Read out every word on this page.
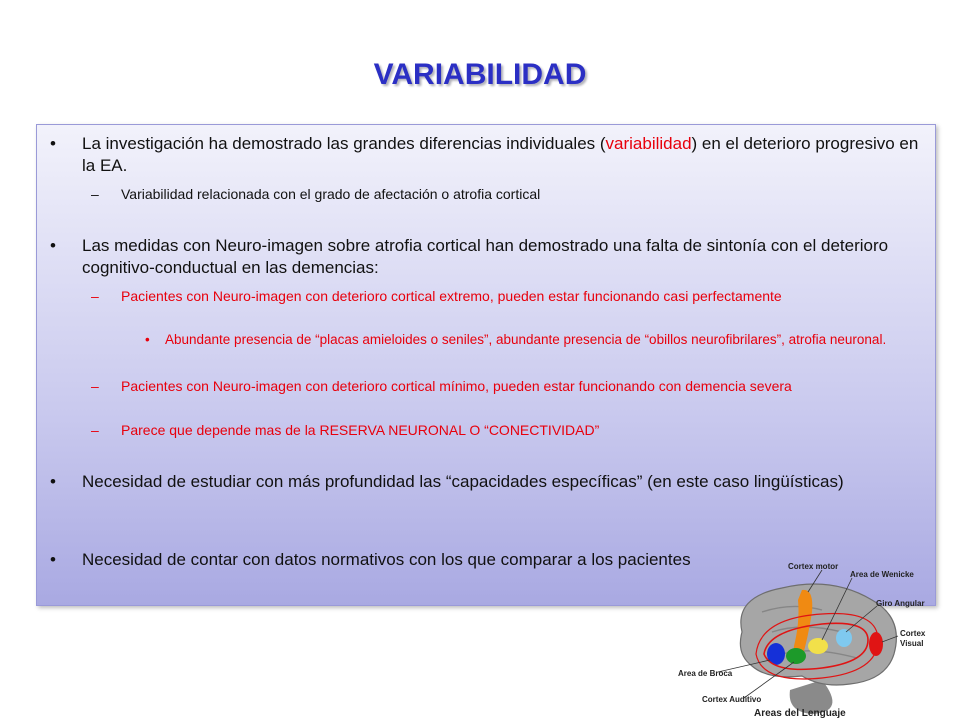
VARIABILIDAD
• La investigación ha demostrado las grandes diferencias individuales (variabilidad) en el deterioro progresivo en la EA.
– Variabilidad relacionada con el grado de afectación o atrofia cortical
• Las medidas con Neuro-imagen sobre atrofia cortical han demostrado una falta de sintonía con el deterioro cognitivo-conductual en las demencias:
– Pacientes con Neuro-imagen con deterioro cortical extremo, pueden estar funcionando casi perfectamente
• Abundante presencia de “placas amieloides o seniles”, abundante presencia de “obillos neurofibrilares”, atrofia neuronal.
– Pacientes con Neuro-imagen con deterioro cortical mínimo, pueden estar funcionando con demencia severa
– Parece que depende mas de la RESERVA NEURONAL O “CONECTIVIDAD”
• Necesidad de estudiar con más profundidad las “capacidades específicas” (en este caso lingüísticas)
• Necesidad de contar con datos normativos con los que comparar a los pacientes	Cortex motor
Area de Wenicke
Giro Angular
Cortex
Visual
Area de Broca
Cortex Auditivo
Areas del Lenguaje
